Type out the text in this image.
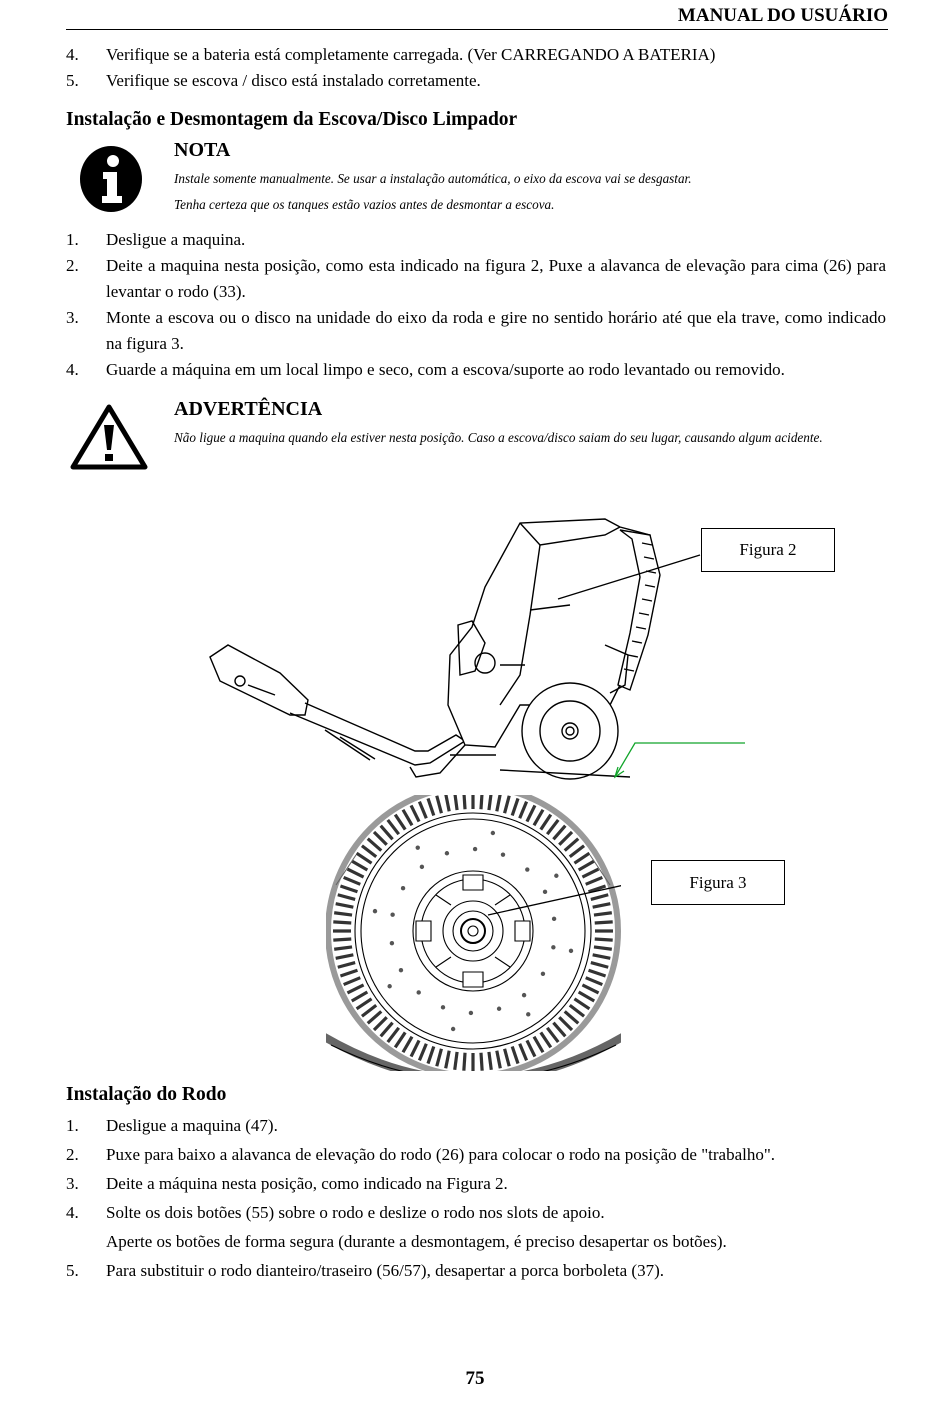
MANUAL DO USUÁRIO
4. Verifique se a bateria está completamente carregada. (Ver CARREGANDO A BATERIA)
5. Verifique se escova / disco está instalado corretamente.
Instalação e Desmontagem da Escova/Disco Limpador
NOTA
Instale somente manualmente. Se usar a instalação automática, o eixo da escova vai se desgastar.
Tenha certeza que os tanques estão vazios antes de desmontar a escova.
1. Desligue a maquina.
2. Deite a maquina nesta posição, como esta indicado na figura 2, Puxe a alavanca de elevação para cima (26) para levantar o rodo (33).
3. Monte a escova ou o disco na unidade do eixo da roda e gire no sentido horário até que ela trave, como indicado na figura 3.
4. Guarde a máquina em um local limpo e seco, com a escova/suporte ao rodo levantado ou removido.
ADVERTÊNCIA
Não ligue a maquina quando ela estiver nesta posição. Caso a escova/disco saiam do seu lugar, causando algum acidente.
Figura 2
Figura 3
Instalação do Rodo
1. Desligue a maquina (47).
2. Puxe para baixo a alavanca de elevação do rodo (26) para colocar o rodo na posição de "trabalho".
3. Deite a máquina nesta posição, como indicado na Figura 2.
4. Solte os dois botões (55) sobre o rodo e deslize o rodo nos slots de apoio.
Aperte os botões de forma segura (durante a desmontagem, é preciso desapertar os botões).
5. Para substituir o rodo dianteiro/traseiro (56/57), desapertar a porca borboleta (37).
75
